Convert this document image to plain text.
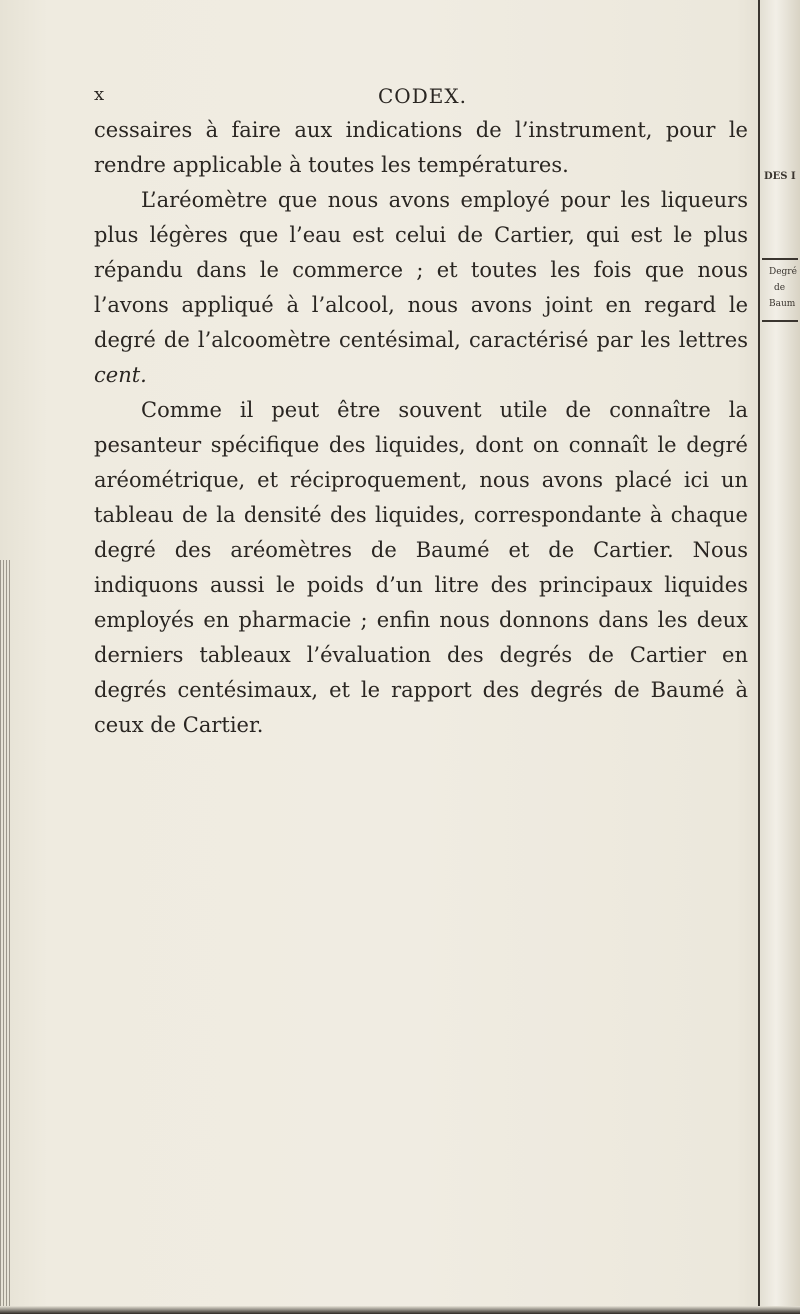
x	CODEX.

cessaires à faire aux indications de l’instrument, pour le rendre applicable à toutes les températures.

L’aréomètre que nous avons employé pour les liqueurs plus légères que l’eau est celui de Cartier, qui est le plus répandu dans le commerce ; et toutes les fois que nous l’avons appliqué à l’alcool, nous avons joint en regard le degré de l’alcoomètre centésimal, caractérisé par les lettres cent.

Comme il peut être souvent utile de connaître la pesanteur spécifique des liquides, dont on connaît le degré aréométrique, et réciproquement, nous avons placé ici un tableau de la densité des liquides, correspondante à chaque degré des aréomètres de Baumé et de Cartier. Nous indiquons aussi le poids d’un litre des principaux liquides employés en pharmacie ; enfin nous donnons dans les deux derniers tableaux l’évaluation des degrés de Cartier en degrés centésimaux, et le rapport des degrés de Baumé à ceux de Cartier.

DES I
Degré
de
Baum
